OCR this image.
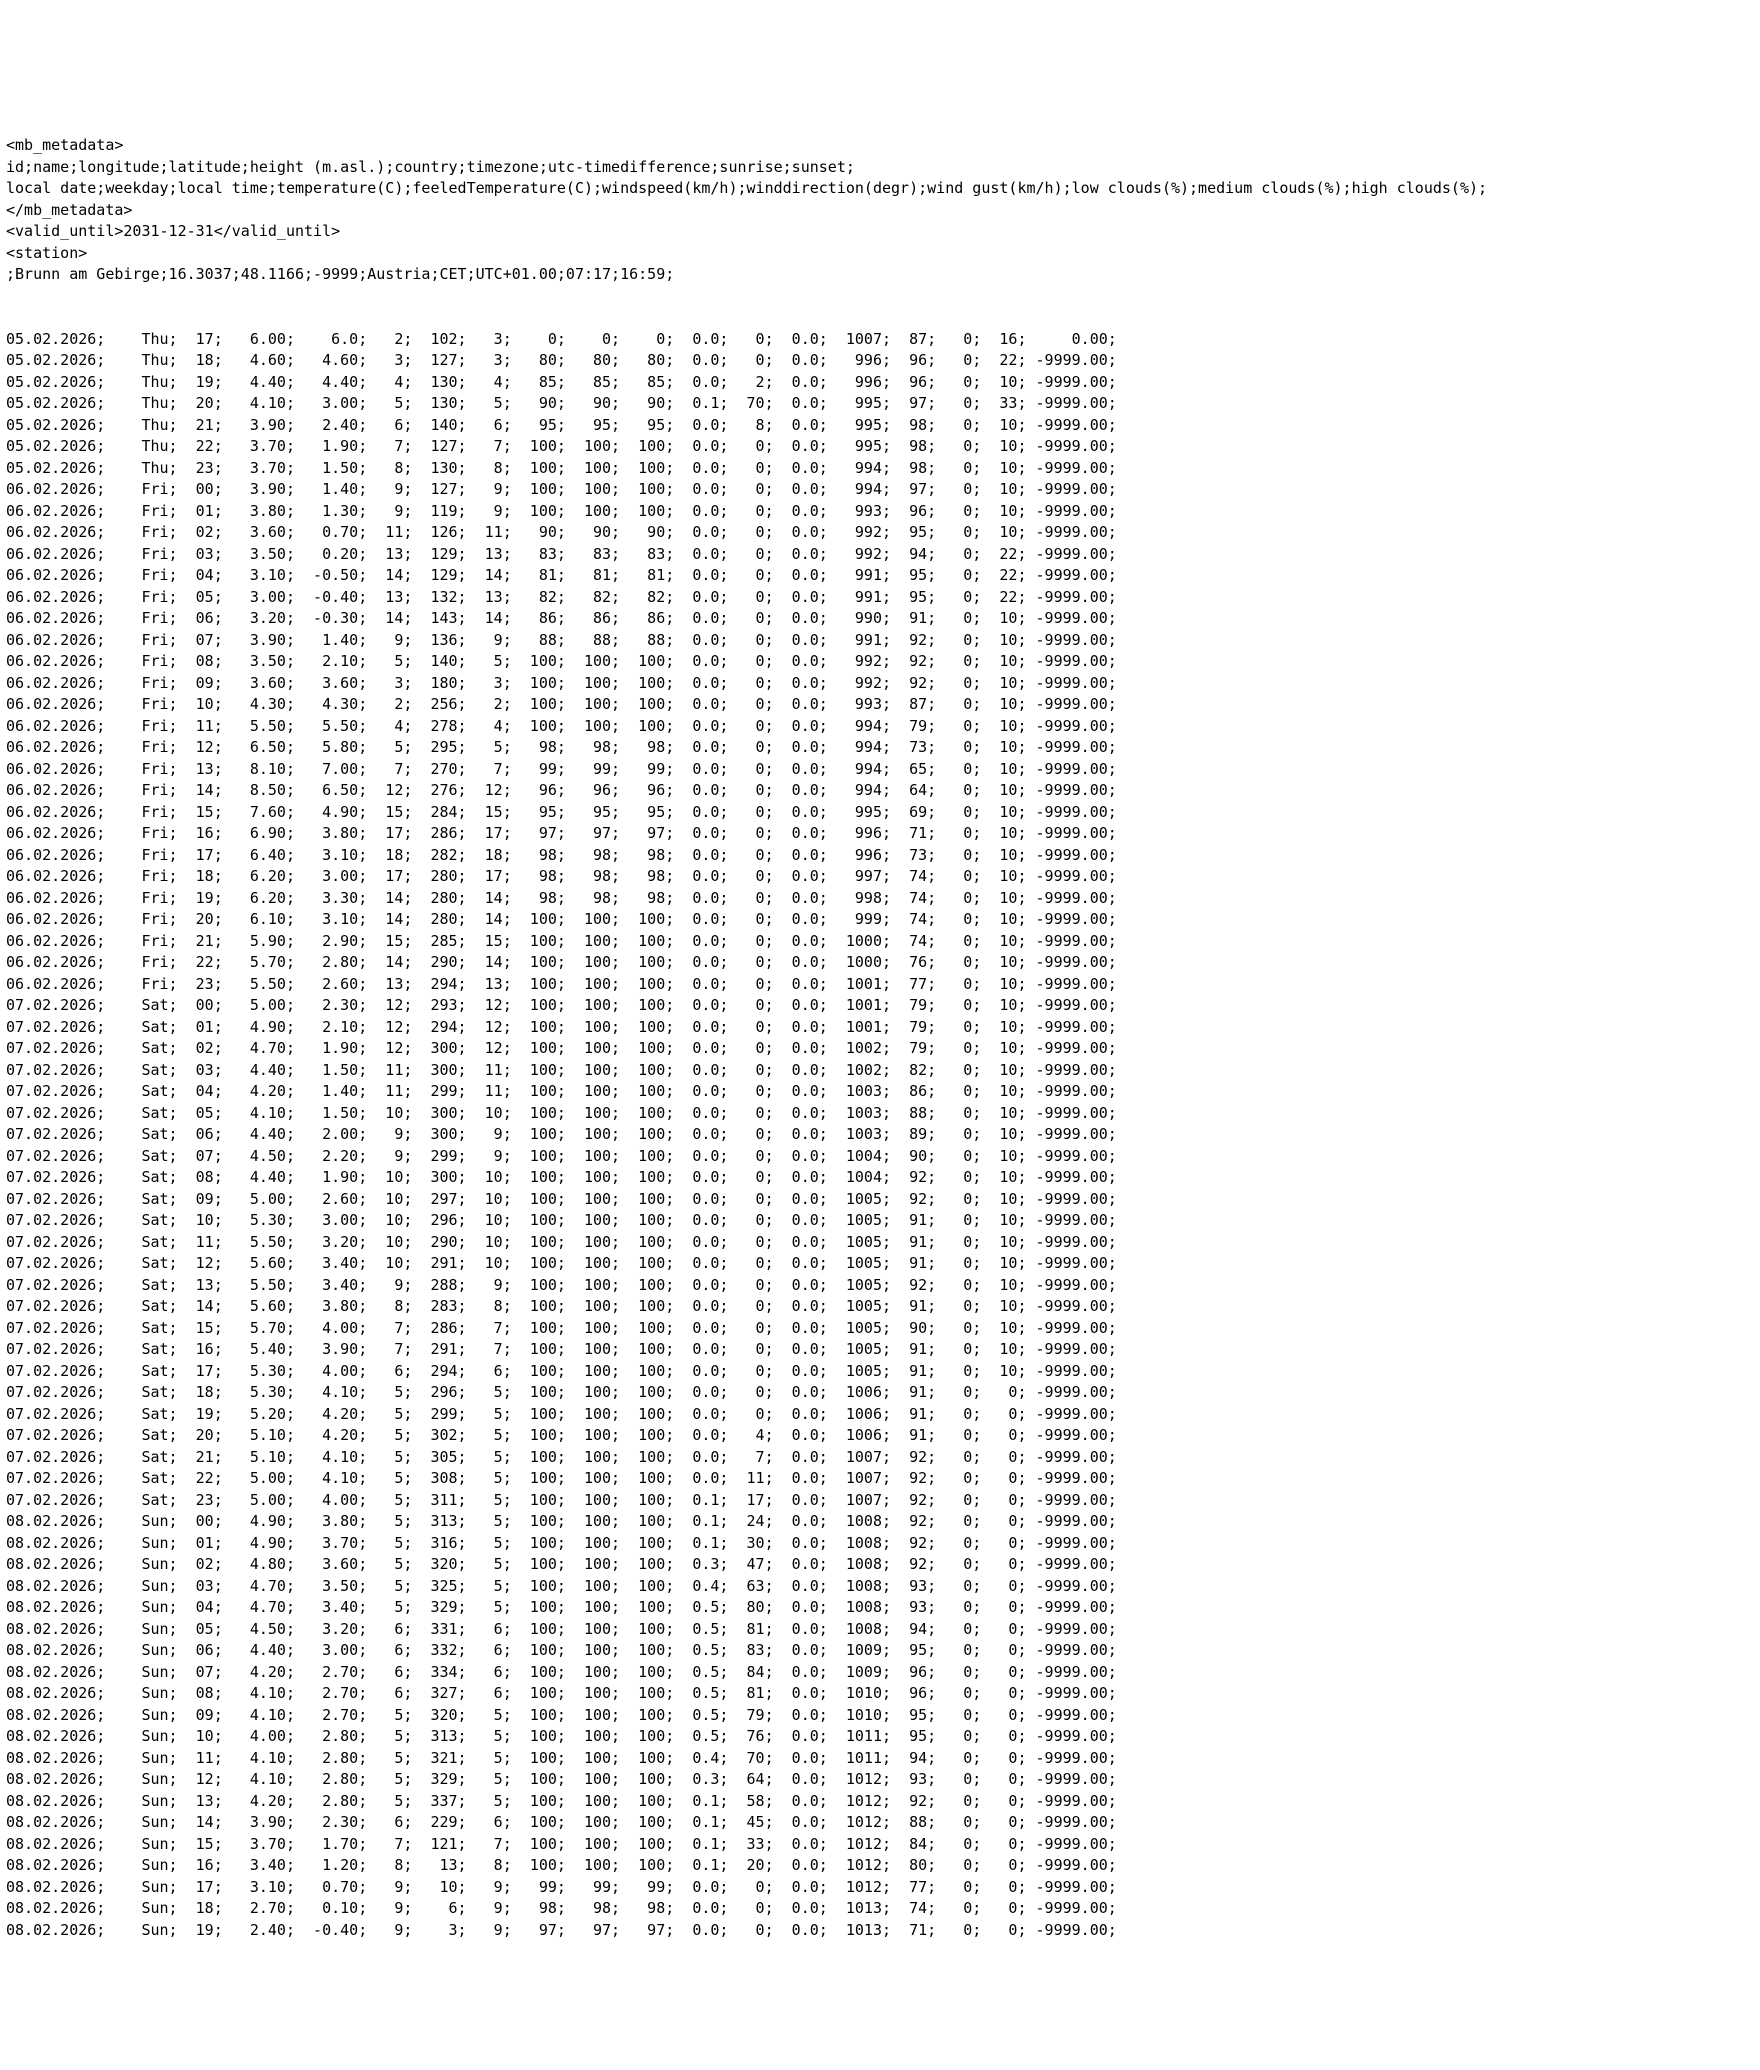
<mb_metadata>
id;name;longitude;latitude;height (m.asl.);country;timezone;utc-timedifference;sunrise;sunset;
local date;weekday;local time;temperature(C);feeledTemperature(C);windspeed(km/h);winddirection(degr);wind gust(km/h);low clouds(%);medium clouds(%);high clouds(%);
</mb_metadata>
<valid_until>2031-12-31</valid_until>
<station>
;Brunn am Gebirge;16.3037;48.1166;-9999;Austria;CET;UTC+01.00;07:17;16:59;

05.02.2026;    Thu;  17;   6.00;    6.0;   2;  102;   3;    0;    0;    0;  0.0;   0;  0.0;  1007;  87;   0;  16;     0.00;
05.02.2026;    Thu;  18;   4.60;   4.60;   3;  127;   3;   80;   80;   80;  0.0;   0;  0.0;   996;  96;   0;  22; -9999.00;
05.02.2026;    Thu;  19;   4.40;   4.40;   4;  130;   4;   85;   85;   85;  0.0;   2;  0.0;   996;  96;   0;  10; -9999.00;
05.02.2026;    Thu;  20;   4.10;   3.00;   5;  130;   5;   90;   90;   90;  0.1;  70;  0.0;   995;  97;   0;  33; -9999.00;
05.02.2026;    Thu;  21;   3.90;   2.40;   6;  140;   6;   95;   95;   95;  0.0;   8;  0.0;   995;  98;   0;  10; -9999.00;
05.02.2026;    Thu;  22;   3.70;   1.90;   7;  127;   7;  100;  100;  100;  0.0;   0;  0.0;   995;  98;   0;  10; -9999.00;
05.02.2026;    Thu;  23;   3.70;   1.50;   8;  130;   8;  100;  100;  100;  0.0;   0;  0.0;   994;  98;   0;  10; -9999.00;
06.02.2026;    Fri;  00;   3.90;   1.40;   9;  127;   9;  100;  100;  100;  0.0;   0;  0.0;   994;  97;   0;  10; -9999.00;
06.02.2026;    Fri;  01;   3.80;   1.30;   9;  119;   9;  100;  100;  100;  0.0;   0;  0.0;   993;  96;   0;  10; -9999.00;
06.02.2026;    Fri;  02;   3.60;   0.70;  11;  126;  11;   90;   90;   90;  0.0;   0;  0.0;   992;  95;   0;  10; -9999.00;
06.02.2026;    Fri;  03;   3.50;   0.20;  13;  129;  13;   83;   83;   83;  0.0;   0;  0.0;   992;  94;   0;  22; -9999.00;
06.02.2026;    Fri;  04;   3.10;  -0.50;  14;  129;  14;   81;   81;   81;  0.0;   0;  0.0;   991;  95;   0;  22; -9999.00;
06.02.2026;    Fri;  05;   3.00;  -0.40;  13;  132;  13;   82;   82;   82;  0.0;   0;  0.0;   991;  95;   0;  22; -9999.00;
06.02.2026;    Fri;  06;   3.20;  -0.30;  14;  143;  14;   86;   86;   86;  0.0;   0;  0.0;   990;  91;   0;  10; -9999.00;
06.02.2026;    Fri;  07;   3.90;   1.40;   9;  136;   9;   88;   88;   88;  0.0;   0;  0.0;   991;  92;   0;  10; -9999.00;
06.02.2026;    Fri;  08;   3.50;   2.10;   5;  140;   5;  100;  100;  100;  0.0;   0;  0.0;   992;  92;   0;  10; -9999.00;
06.02.2026;    Fri;  09;   3.60;   3.60;   3;  180;   3;  100;  100;  100;  0.0;   0;  0.0;   992;  92;   0;  10; -9999.00;
06.02.2026;    Fri;  10;   4.30;   4.30;   2;  256;   2;  100;  100;  100;  0.0;   0;  0.0;   993;  87;   0;  10; -9999.00;
06.02.2026;    Fri;  11;   5.50;   5.50;   4;  278;   4;  100;  100;  100;  0.0;   0;  0.0;   994;  79;   0;  10; -9999.00;
06.02.2026;    Fri;  12;   6.50;   5.80;   5;  295;   5;   98;   98;   98;  0.0;   0;  0.0;   994;  73;   0;  10; -9999.00;
06.02.2026;    Fri;  13;   8.10;   7.00;   7;  270;   7;   99;   99;   99;  0.0;   0;  0.0;   994;  65;   0;  10; -9999.00;
06.02.2026;    Fri;  14;   8.50;   6.50;  12;  276;  12;   96;   96;   96;  0.0;   0;  0.0;   994;  64;   0;  10; -9999.00;
06.02.2026;    Fri;  15;   7.60;   4.90;  15;  284;  15;   95;   95;   95;  0.0;   0;  0.0;   995;  69;   0;  10; -9999.00;
06.02.2026;    Fri;  16;   6.90;   3.80;  17;  286;  17;   97;   97;   97;  0.0;   0;  0.0;   996;  71;   0;  10; -9999.00;
06.02.2026;    Fri;  17;   6.40;   3.10;  18;  282;  18;   98;   98;   98;  0.0;   0;  0.0;   996;  73;   0;  10; -9999.00;
06.02.2026;    Fri;  18;   6.20;   3.00;  17;  280;  17;   98;   98;   98;  0.0;   0;  0.0;   997;  74;   0;  10; -9999.00;
06.02.2026;    Fri;  19;   6.20;   3.30;  14;  280;  14;   98;   98;   98;  0.0;   0;  0.0;   998;  74;   0;  10; -9999.00;
06.02.2026;    Fri;  20;   6.10;   3.10;  14;  280;  14;  100;  100;  100;  0.0;   0;  0.0;   999;  74;   0;  10; -9999.00;
06.02.2026;    Fri;  21;   5.90;   2.90;  15;  285;  15;  100;  100;  100;  0.0;   0;  0.0;  1000;  74;   0;  10; -9999.00;
06.02.2026;    Fri;  22;   5.70;   2.80;  14;  290;  14;  100;  100;  100;  0.0;   0;  0.0;  1000;  76;   0;  10; -9999.00;
06.02.2026;    Fri;  23;   5.50;   2.60;  13;  294;  13;  100;  100;  100;  0.0;   0;  0.0;  1001;  77;   0;  10; -9999.00;
07.02.2026;    Sat;  00;   5.00;   2.30;  12;  293;  12;  100;  100;  100;  0.0;   0;  0.0;  1001;  79;   0;  10; -9999.00;
07.02.2026;    Sat;  01;   4.90;   2.10;  12;  294;  12;  100;  100;  100;  0.0;   0;  0.0;  1001;  79;   0;  10; -9999.00;
07.02.2026;    Sat;  02;   4.70;   1.90;  12;  300;  12;  100;  100;  100;  0.0;   0;  0.0;  1002;  79;   0;  10; -9999.00;
07.02.2026;    Sat;  03;   4.40;   1.50;  11;  300;  11;  100;  100;  100;  0.0;   0;  0.0;  1002;  82;   0;  10; -9999.00;
07.02.2026;    Sat;  04;   4.20;   1.40;  11;  299;  11;  100;  100;  100;  0.0;   0;  0.0;  1003;  86;   0;  10; -9999.00;
07.02.2026;    Sat;  05;   4.10;   1.50;  10;  300;  10;  100;  100;  100;  0.0;   0;  0.0;  1003;  88;   0;  10; -9999.00;
07.02.2026;    Sat;  06;   4.40;   2.00;   9;  300;   9;  100;  100;  100;  0.0;   0;  0.0;  1003;  89;   0;  10; -9999.00;
07.02.2026;    Sat;  07;   4.50;   2.20;   9;  299;   9;  100;  100;  100;  0.0;   0;  0.0;  1004;  90;   0;  10; -9999.00;
07.02.2026;    Sat;  08;   4.40;   1.90;  10;  300;  10;  100;  100;  100;  0.0;   0;  0.0;  1004;  92;   0;  10; -9999.00;
07.02.2026;    Sat;  09;   5.00;   2.60;  10;  297;  10;  100;  100;  100;  0.0;   0;  0.0;  1005;  92;   0;  10; -9999.00;
07.02.2026;    Sat;  10;   5.30;   3.00;  10;  296;  10;  100;  100;  100;  0.0;   0;  0.0;  1005;  91;   0;  10; -9999.00;
07.02.2026;    Sat;  11;   5.50;   3.20;  10;  290;  10;  100;  100;  100;  0.0;   0;  0.0;  1005;  91;   0;  10; -9999.00;
07.02.2026;    Sat;  12;   5.60;   3.40;  10;  291;  10;  100;  100;  100;  0.0;   0;  0.0;  1005;  91;   0;  10; -9999.00;
07.02.2026;    Sat;  13;   5.50;   3.40;   9;  288;   9;  100;  100;  100;  0.0;   0;  0.0;  1005;  92;   0;  10; -9999.00;
07.02.2026;    Sat;  14;   5.60;   3.80;   8;  283;   8;  100;  100;  100;  0.0;   0;  0.0;  1005;  91;   0;  10; -9999.00;
07.02.2026;    Sat;  15;   5.70;   4.00;   7;  286;   7;  100;  100;  100;  0.0;   0;  0.0;  1005;  90;   0;  10; -9999.00;
07.02.2026;    Sat;  16;   5.40;   3.90;   7;  291;   7;  100;  100;  100;  0.0;   0;  0.0;  1005;  91;   0;  10; -9999.00;
07.02.2026;    Sat;  17;   5.30;   4.00;   6;  294;   6;  100;  100;  100;  0.0;   0;  0.0;  1005;  91;   0;  10; -9999.00;
07.02.2026;    Sat;  18;   5.30;   4.10;   5;  296;   5;  100;  100;  100;  0.0;   0;  0.0;  1006;  91;   0;   0; -9999.00;
07.02.2026;    Sat;  19;   5.20;   4.20;   5;  299;   5;  100;  100;  100;  0.0;   0;  0.0;  1006;  91;   0;   0; -9999.00;
07.02.2026;    Sat;  20;   5.10;   4.20;   5;  302;   5;  100;  100;  100;  0.0;   4;  0.0;  1006;  91;   0;   0; -9999.00;
07.02.2026;    Sat;  21;   5.10;   4.10;   5;  305;   5;  100;  100;  100;  0.0;   7;  0.0;  1007;  92;   0;   0; -9999.00;
07.02.2026;    Sat;  22;   5.00;   4.10;   5;  308;   5;  100;  100;  100;  0.0;  11;  0.0;  1007;  92;   0;   0; -9999.00;
07.02.2026;    Sat;  23;   5.00;   4.00;   5;  311;   5;  100;  100;  100;  0.1;  17;  0.0;  1007;  92;   0;   0; -9999.00;
08.02.2026;    Sun;  00;   4.90;   3.80;   5;  313;   5;  100;  100;  100;  0.1;  24;  0.0;  1008;  92;   0;   0; -9999.00;
08.02.2026;    Sun;  01;   4.90;   3.70;   5;  316;   5;  100;  100;  100;  0.1;  30;  0.0;  1008;  92;   0;   0; -9999.00;
08.02.2026;    Sun;  02;   4.80;   3.60;   5;  320;   5;  100;  100;  100;  0.3;  47;  0.0;  1008;  92;   0;   0; -9999.00;
08.02.2026;    Sun;  03;   4.70;   3.50;   5;  325;   5;  100;  100;  100;  0.4;  63;  0.0;  1008;  93;   0;   0; -9999.00;
08.02.2026;    Sun;  04;   4.70;   3.40;   5;  329;   5;  100;  100;  100;  0.5;  80;  0.0;  1008;  93;   0;   0; -9999.00;
08.02.2026;    Sun;  05;   4.50;   3.20;   6;  331;   6;  100;  100;  100;  0.5;  81;  0.0;  1008;  94;   0;   0; -9999.00;
08.02.2026;    Sun;  06;   4.40;   3.00;   6;  332;   6;  100;  100;  100;  0.5;  83;  0.0;  1009;  95;   0;   0; -9999.00;
08.02.2026;    Sun;  07;   4.20;   2.70;   6;  334;   6;  100;  100;  100;  0.5;  84;  0.0;  1009;  96;   0;   0; -9999.00;
08.02.2026;    Sun;  08;   4.10;   2.70;   6;  327;   6;  100;  100;  100;  0.5;  81;  0.0;  1010;  96;   0;   0; -9999.00;
08.02.2026;    Sun;  09;   4.10;   2.70;   5;  320;   5;  100;  100;  100;  0.5;  79;  0.0;  1010;  95;   0;   0; -9999.00;
08.02.2026;    Sun;  10;   4.00;   2.80;   5;  313;   5;  100;  100;  100;  0.5;  76;  0.0;  1011;  95;   0;   0; -9999.00;
08.02.2026;    Sun;  11;   4.10;   2.80;   5;  321;   5;  100;  100;  100;  0.4;  70;  0.0;  1011;  94;   0;   0; -9999.00;
08.02.2026;    Sun;  12;   4.10;   2.80;   5;  329;   5;  100;  100;  100;  0.3;  64;  0.0;  1012;  93;   0;   0; -9999.00;
08.02.2026;    Sun;  13;   4.20;   2.80;   5;  337;   5;  100;  100;  100;  0.1;  58;  0.0;  1012;  92;   0;   0; -9999.00;
08.02.2026;    Sun;  14;   3.90;   2.30;   6;  229;   6;  100;  100;  100;  0.1;  45;  0.0;  1012;  88;   0;   0; -9999.00;
08.02.2026;    Sun;  15;   3.70;   1.70;   7;  121;   7;  100;  100;  100;  0.1;  33;  0.0;  1012;  84;   0;   0; -9999.00;
08.02.2026;    Sun;  16;   3.40;   1.20;   8;   13;   8;  100;  100;  100;  0.1;  20;  0.0;  1012;  80;   0;   0; -9999.00;
08.02.2026;    Sun;  17;   3.10;   0.70;   9;   10;   9;   99;   99;   99;  0.0;   0;  0.0;  1012;  77;   0;   0; -9999.00;
08.02.2026;    Sun;  18;   2.70;   0.10;   9;    6;   9;   98;   98;   98;  0.0;   0;  0.0;  1013;  74;   0;   0; -9999.00;
08.02.2026;    Sun;  19;   2.40;  -0.40;   9;    3;   9;   97;   97;   97;  0.0;   0;  0.0;  1013;  71;   0;   0; -9999.00;
